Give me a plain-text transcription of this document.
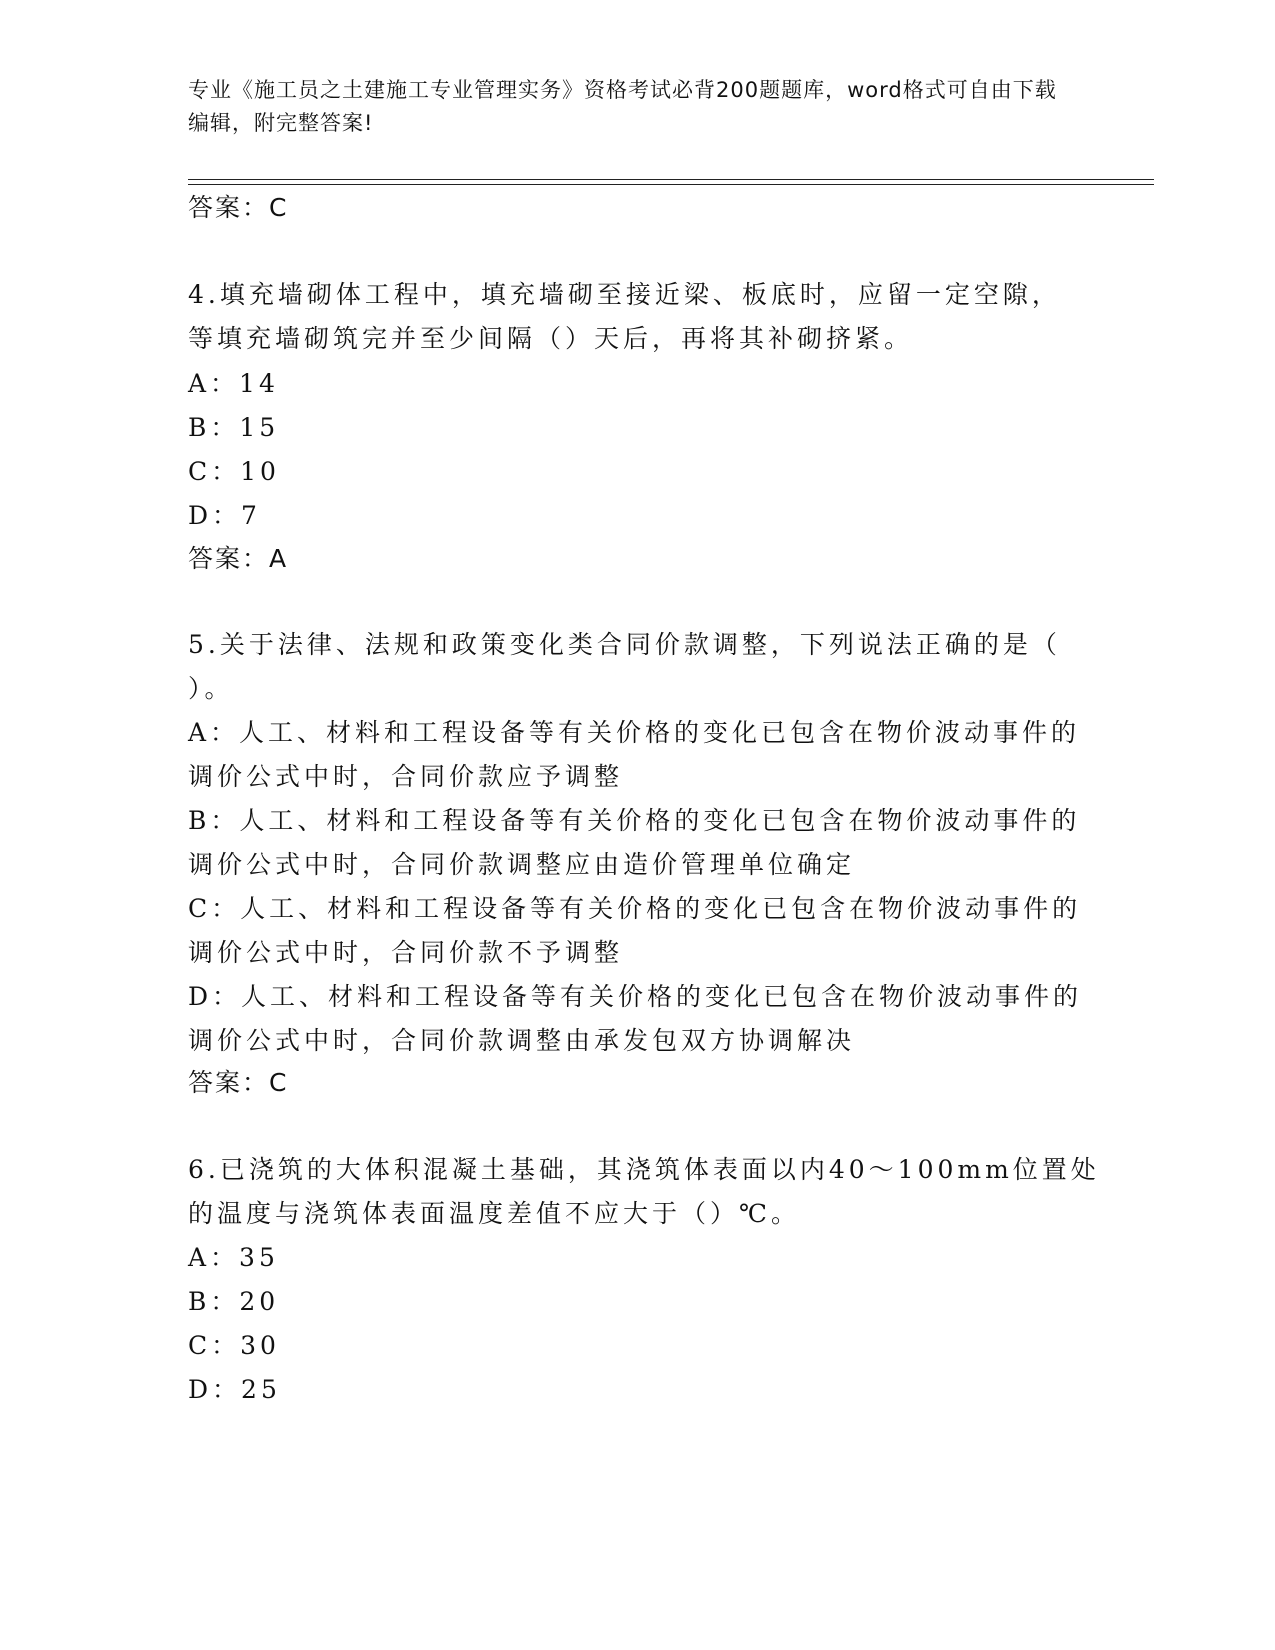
专业《施工员之土建施工专业管理实务》资格考试必背200题题库，word格式可自由下载编辑，附完整答案!
答案：C
4.填充墙砌体工程中，填充墙砌至接近梁、板底时，应留一定空隙，
等填充墙砌筑完并至少间隔（）天后，再将其补砌挤紧。
A：14
B：15
C：10
D：7
答案：A
5.关于法律、法规和政策变化类合同价款调整，下列说法正确的是（
）。
A：人工、材料和工程设备等有关价格的变化已包含在物价波动事件的
调价公式中时，合同价款应予调整
B：人工、材料和工程设备等有关价格的变化已包含在物价波动事件的
调价公式中时，合同价款调整应由造价管理单位确定
C：人工、材料和工程设备等有关价格的变化已包含在物价波动事件的
调价公式中时，合同价款不予调整
D：人工、材料和工程设备等有关价格的变化已包含在物价波动事件的
调价公式中时，合同价款调整由承发包双方协调解决
答案：C
6.已浇筑的大体积混凝土基础，其浇筑体表面以内40～100mm位置处
的温度与浇筑体表面温度差值不应大于（）℃。
A：35
B：20
C：30
D：25
